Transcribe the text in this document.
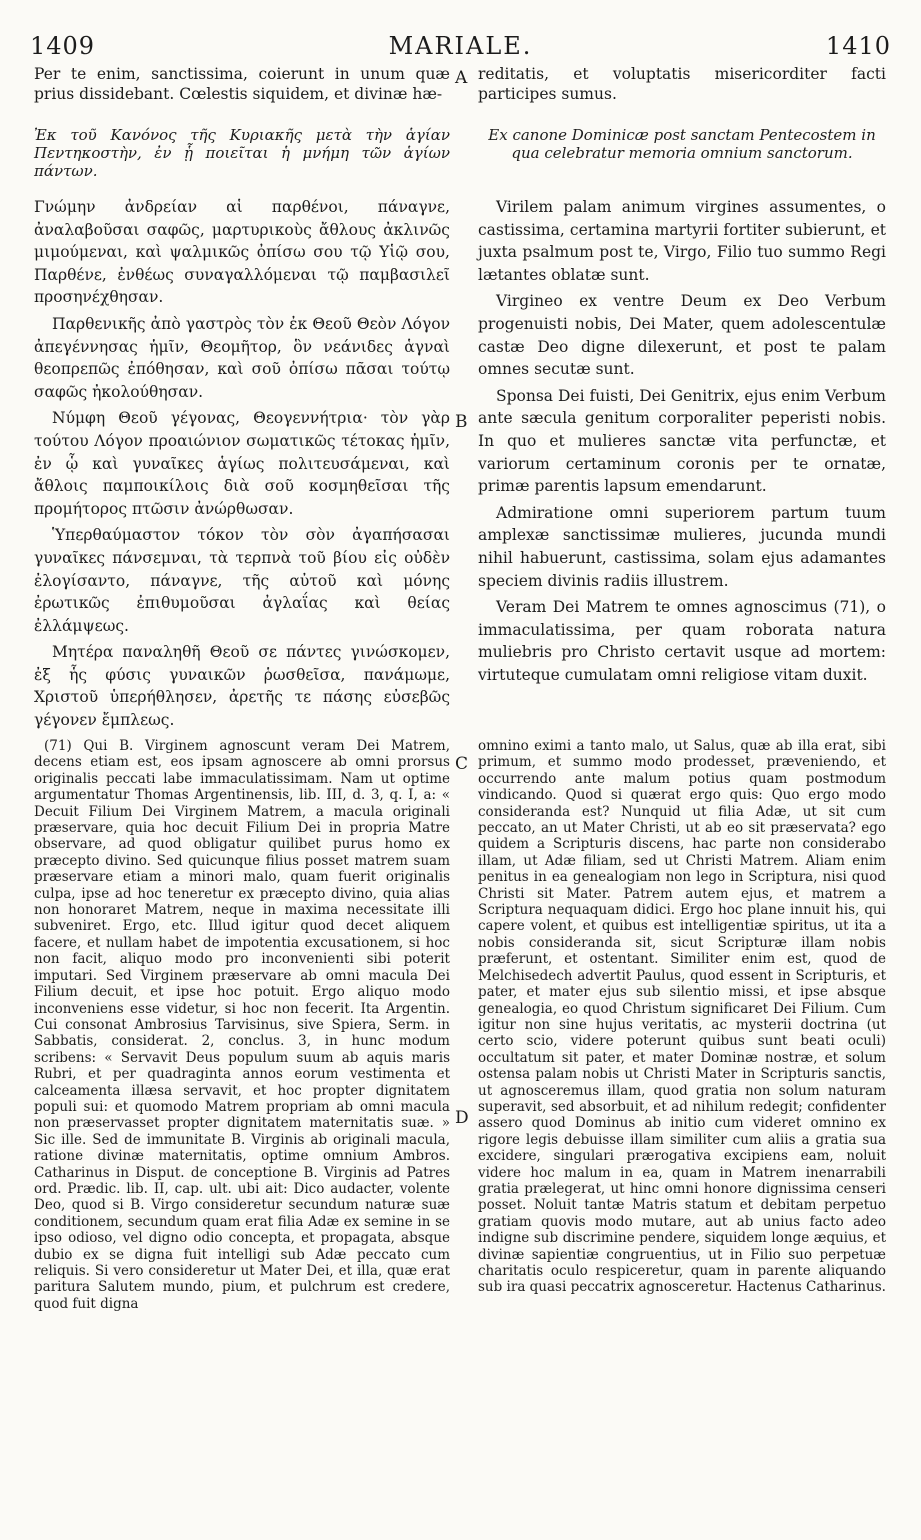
1409	MARIALE.	1410

Per te enim, sanctissima, coierunt in unum quæ prius dissidebant. Cœlestis siquidem, et divinæ hæ-

reditatis, et voluptatis misericorditer facti participes sumus.

Ἐκ τοῦ Κανόνος τῆς Κυριακῆς μετὰ τὴν ἁγίαν Πεντηκοστὴν, ἐν ᾗ ποιεῖται ἡ μνήμη τῶν ἁγίων πάντων.

Ex canone Dominicæ post sanctam Pentecostem in qua celebratur memoria omnium sanctorum.

Γνώμην ἀνδρείαν αἱ παρθένοι, πάναγνε, ἀναλαβοῦσαι σαφῶς, μαρτυρικοὺς ἄθλους ἀκλινῶς μιμούμεναι, καὶ ψαλμικῶς ὀπίσω σου τῷ Υἱῷ σου, Παρθένε, ἐνθέως συναγαλλόμεναι τῷ παμβασιλεῖ προσηνέχθησαν.

Παρθενικῆς ἀπὸ γαστρὸς τὸν ἐκ Θεοῦ Θεὸν Λόγον ἀπεγέννησας ἡμῖν, Θεομῆτορ, ὃν νεάνιδες ἁγναὶ θεοπρεπῶς ἐπόθησαν, καὶ σοῦ ὀπίσω πᾶσαι τούτῳ σαφῶς ἠκολούθησαν.

Νύμφη Θεοῦ γέγονας, Θεογεννήτρια· τὸν γὰρ τούτου Λόγον προαιώνιον σωματικῶς τέτοκας ἡμῖν, ἐν ᾧ καὶ γυναῖκες ἁγίως πολιτευσάμεναι, καὶ ἄθλοις παμποικίλοις διὰ σοῦ κοσμηθεῖσαι τῆς προμήτορος πτῶσιν ἀνώρθωσαν.

Ὑπερθαύμαστον τόκον τὸν σὸν ἀγαπήσασαι γυναῖκες πάνσεμναι, τὰ τερπνὰ τοῦ βίου εἰς οὐδὲν ἐλογίσαντο, πάναγνε, τῆς αὐτοῦ καὶ μόνης ἐρωτικῶς ἐπιθυμοῦσαι ἀγλαΐας καὶ θείας ἐλλάμψεως.

Μητέρα παναληθῆ Θεοῦ σε πάντες γινώσκομεν, ἐξ ἧς φύσις γυναικῶν ῥωσθεῖσα, πανάμωμε, Χριστοῦ ὑπερήθλησεν, ἀρετῆς τε πάσης εὐσεβῶς γέγονεν ἔμπλεως.

Virilem palam animum virgines assumentes, o castissima, certamina martyrii fortiter subierunt, et juxta psalmum post te, Virgo, Filio tuo summo Regi lætantes oblatæ sunt.

Virgineo ex ventre Deum ex Deo Verbum progenuisti nobis, Dei Mater, quem adolescentulæ castæ Deo digne dilexerunt, et post te palam omnes secutæ sunt.

Sponsa Dei fuisti, Dei Genitrix, ejus enim Verbum ante sæcula genitum corporaliter peperisti nobis. In quo et mulieres sanctæ vita perfunctæ, et variorum certaminum coronis per te ornatæ, primæ parentis lapsum emendarunt.

Admiratione omni superiorem partum tuum amplexæ sanctissimæ mulieres, jucunda mundi nihil habuerunt, castissima, solam ejus adamantes speciem divinis radiis illustrem.

Veram Dei Matrem te omnes agnoscimus (71), o immaculatissima, per quam roborata natura muliebris pro Christo certavit usque ad mortem: virtuteque cumulatam omni religiose vitam duxit.

(71) Qui B. Virginem agnoscunt veram Dei Matrem, decens etiam est, eos ipsam agnoscere ab omni prorsus originalis peccati labe immaculatissimam. Nam ut optime argumentatur Thomas Argentinensis, lib. III, d. 3, q. I, a: « Decuit Filium Dei Virginem Matrem, a macula originali præservare, quia hoc decuit Filium Dei in propria Matre observare, ad quod obligatur quilibet purus homo ex præcepto divino. Sed quicunque filius posset matrem suam præservare etiam a minori malo, quam fuerit originalis culpa, ipse ad hoc teneretur ex præcepto divino, quia alias non honoraret Matrem, neque in maxima necessitate illi subveniret. Ergo, etc. Illud igitur quod decet aliquem facere, et nullam habet de impotentia excusationem, si hoc non facit, aliquo modo pro inconvenienti sibi poterit imputari. Sed Virginem præservare ab omni macula Dei Filium decuit, et ipse hoc potuit. Ergo aliquo modo inconveniens esse videtur, si hoc non fecerit. Ita Argentin. Cui consonat Ambrosius Tarvisinus, sive Spiera, Serm. in Sabbatis, considerat. 2, conclus. 3, in hunc modum scribens: « Servavit Deus populum suum ab aquis maris Rubri, et per quadraginta annos eorum vestimenta et calceamenta illæsa servavit, et hoc propter dignitatem populi sui: et quomodo Matrem propriam ab omni macula non præservasset propter dignitatem maternitatis suæ. » Sic ille. Sed de immunitate B. Virginis ab originali macula, ratione divinæ maternitatis, optime omnium Ambros. Catharinus in Disput. de conceptione B. Virginis ad Patres ord. Prædic. lib. II, cap. ult. ubi ait: Dico audacter, volente Deo, quod si B. Virgo consideretur secundum naturæ suæ conditionem, secundum quam erat filia Adæ ex semine in se ipso odioso, vel digno odio concepta, et propagata, absque dubio ex se digna fuit intelligi sub Adæ peccato cum reliquis. Si vero consideretur ut Mater Dei, et illa, quæ erat paritura Salutem mundo, pium, et pulchrum est credere, quod fuit digna

omnino eximi a tanto malo, ut Salus, quæ ab illa erat, sibi primum, et summo modo prodesset, præveniendo, et occurrendo ante malum potius quam postmodum vindicando. Quod si quærat ergo quis: Quo ergo modo consideranda est? Nunquid ut filia Adæ, ut sit cum peccato, an ut Mater Christi, ut ab eo sit præservata? ego quidem a Scripturis discens, hac parte non considerabo illam, ut Adæ filiam, sed ut Christi Matrem. Aliam enim penitus in ea genealogiam non lego in Scriptura, nisi quod Christi sit Mater. Patrem autem ejus, et matrem a Scriptura nequaquam didici. Ergo hoc plane innuit his, qui capere volent, et quibus est intelligentiæ spiritus, ut ita a nobis consideranda sit, sicut Scripturæ illam nobis præferunt, et ostentant. Similiter enim est, quod de Melchisedech advertit Paulus, quod essent in Scripturis, et pater, et mater ejus sub silentio missi, et ipse absque genealogia, eo quod Christum significaret Dei Filium. Cum igitur non sine hujus veritatis, ac mysterii doctrina (ut certo scio, videre poterunt quibus sunt beati oculi) occultatum sit pater, et mater Dominæ nostræ, et solum ostensa palam nobis ut Christi Mater in Scripturis sanctis, ut agnosceremus illam, quod gratia non solum naturam superavit, sed absorbuit, et ad nihilum redegit; confidenter assero quod Dominus ab initio cum videret omnino ex rigore legis debuisse illam similiter cum aliis a gratia sua excidere, singulari prærogativa excipiens eam, noluit videre hoc malum in ea, quam in Matrem inenarrabili gratia prælegerat, ut hinc omni honore dignissima censeri posset. Noluit tantæ Matris statum et debitam perpetuo gratiam quovis modo mutare, aut ab unius facto adeo indigne sub discrimine pendere, siquidem longe æquius, et divinæ sapientiæ congruentius, ut in Filio suo perpetuæ charitatis oculo respiceretur, quam in parente aliquando sub ira quasi peccatrix agnosceretur. Hactenus Catharinus.

A
B
C
D
